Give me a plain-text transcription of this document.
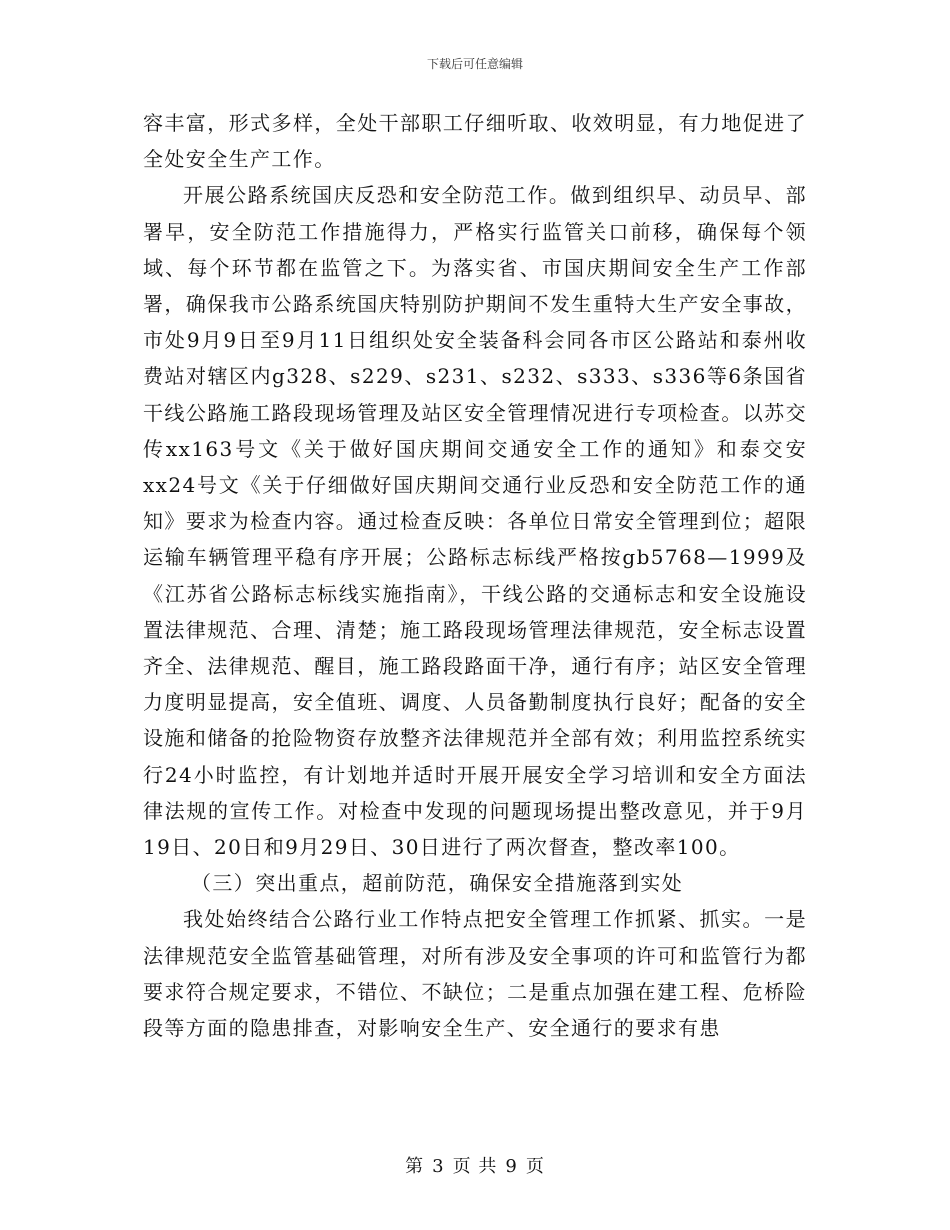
下载后可任意编辑

容丰富，形式多样，全处干部职工仔细听取、收效明显，有力地促进了全处安全生产工作。

开展公路系统国庆反恐和安全防范工作。做到组织早、动员早、部署早，安全防范工作措施得力，严格实行监管关口前移，确保每个领域、每个环节都在监管之下。为落实省、市国庆期间安全生产工作部署，确保我市公路系统国庆特别防护期间不发生重特大生产安全事故，市处9月9日至9月11日组织处安全装备科会同各市区公路站和泰州收费站对辖区内g328、s229、s231、s232、s333、s336等6条国省干线公路施工路段现场管理及站区安全管理情况进行专项检查。以苏交传xx163号文《关于做好国庆期间交通安全工作的通知》和泰交安xx24号文《关于仔细做好国庆期间交通行业反恐和安全防范工作的通知》要求为检查内容。通过检查反映：各单位日常安全管理到位；超限运输车辆管理平稳有序开展；公路标志标线严格按gb5768—1999及《江苏省公路标志标线实施指南》，干线公路的交通标志和安全设施设置法律规范、合理、清楚；施工路段现场管理法律规范，安全标志设置齐全、法律规范、醒目，施工路段路面干净，通行有序；站区安全管理力度明显提高，安全值班、调度、人员备勤制度执行良好；配备的安全设施和储备的抢险物资存放整齐法律规范并全部有效；利用监控系统实行24小时监控，有计划地并适时开展开展安全学习培训和安全方面法律法规的宣传工作。对检查中发现的问题现场提出整改意见，并于9月19日、20日和9月29日、30日进行了两次督查，整改率100。

（三）突出重点，超前防范，确保安全措施落到实处

我处始终结合公路行业工作特点把安全管理工作抓紧、抓实。一是法律规范安全监管基础管理，对所有涉及安全事项的许可和监管行为都要求符合规定要求，不错位、不缺位；二是重点加强在建工程、危桥险段等方面的隐患排查，对影响安全生产、安全通行的要求有患

第 3 页 共 9 页
